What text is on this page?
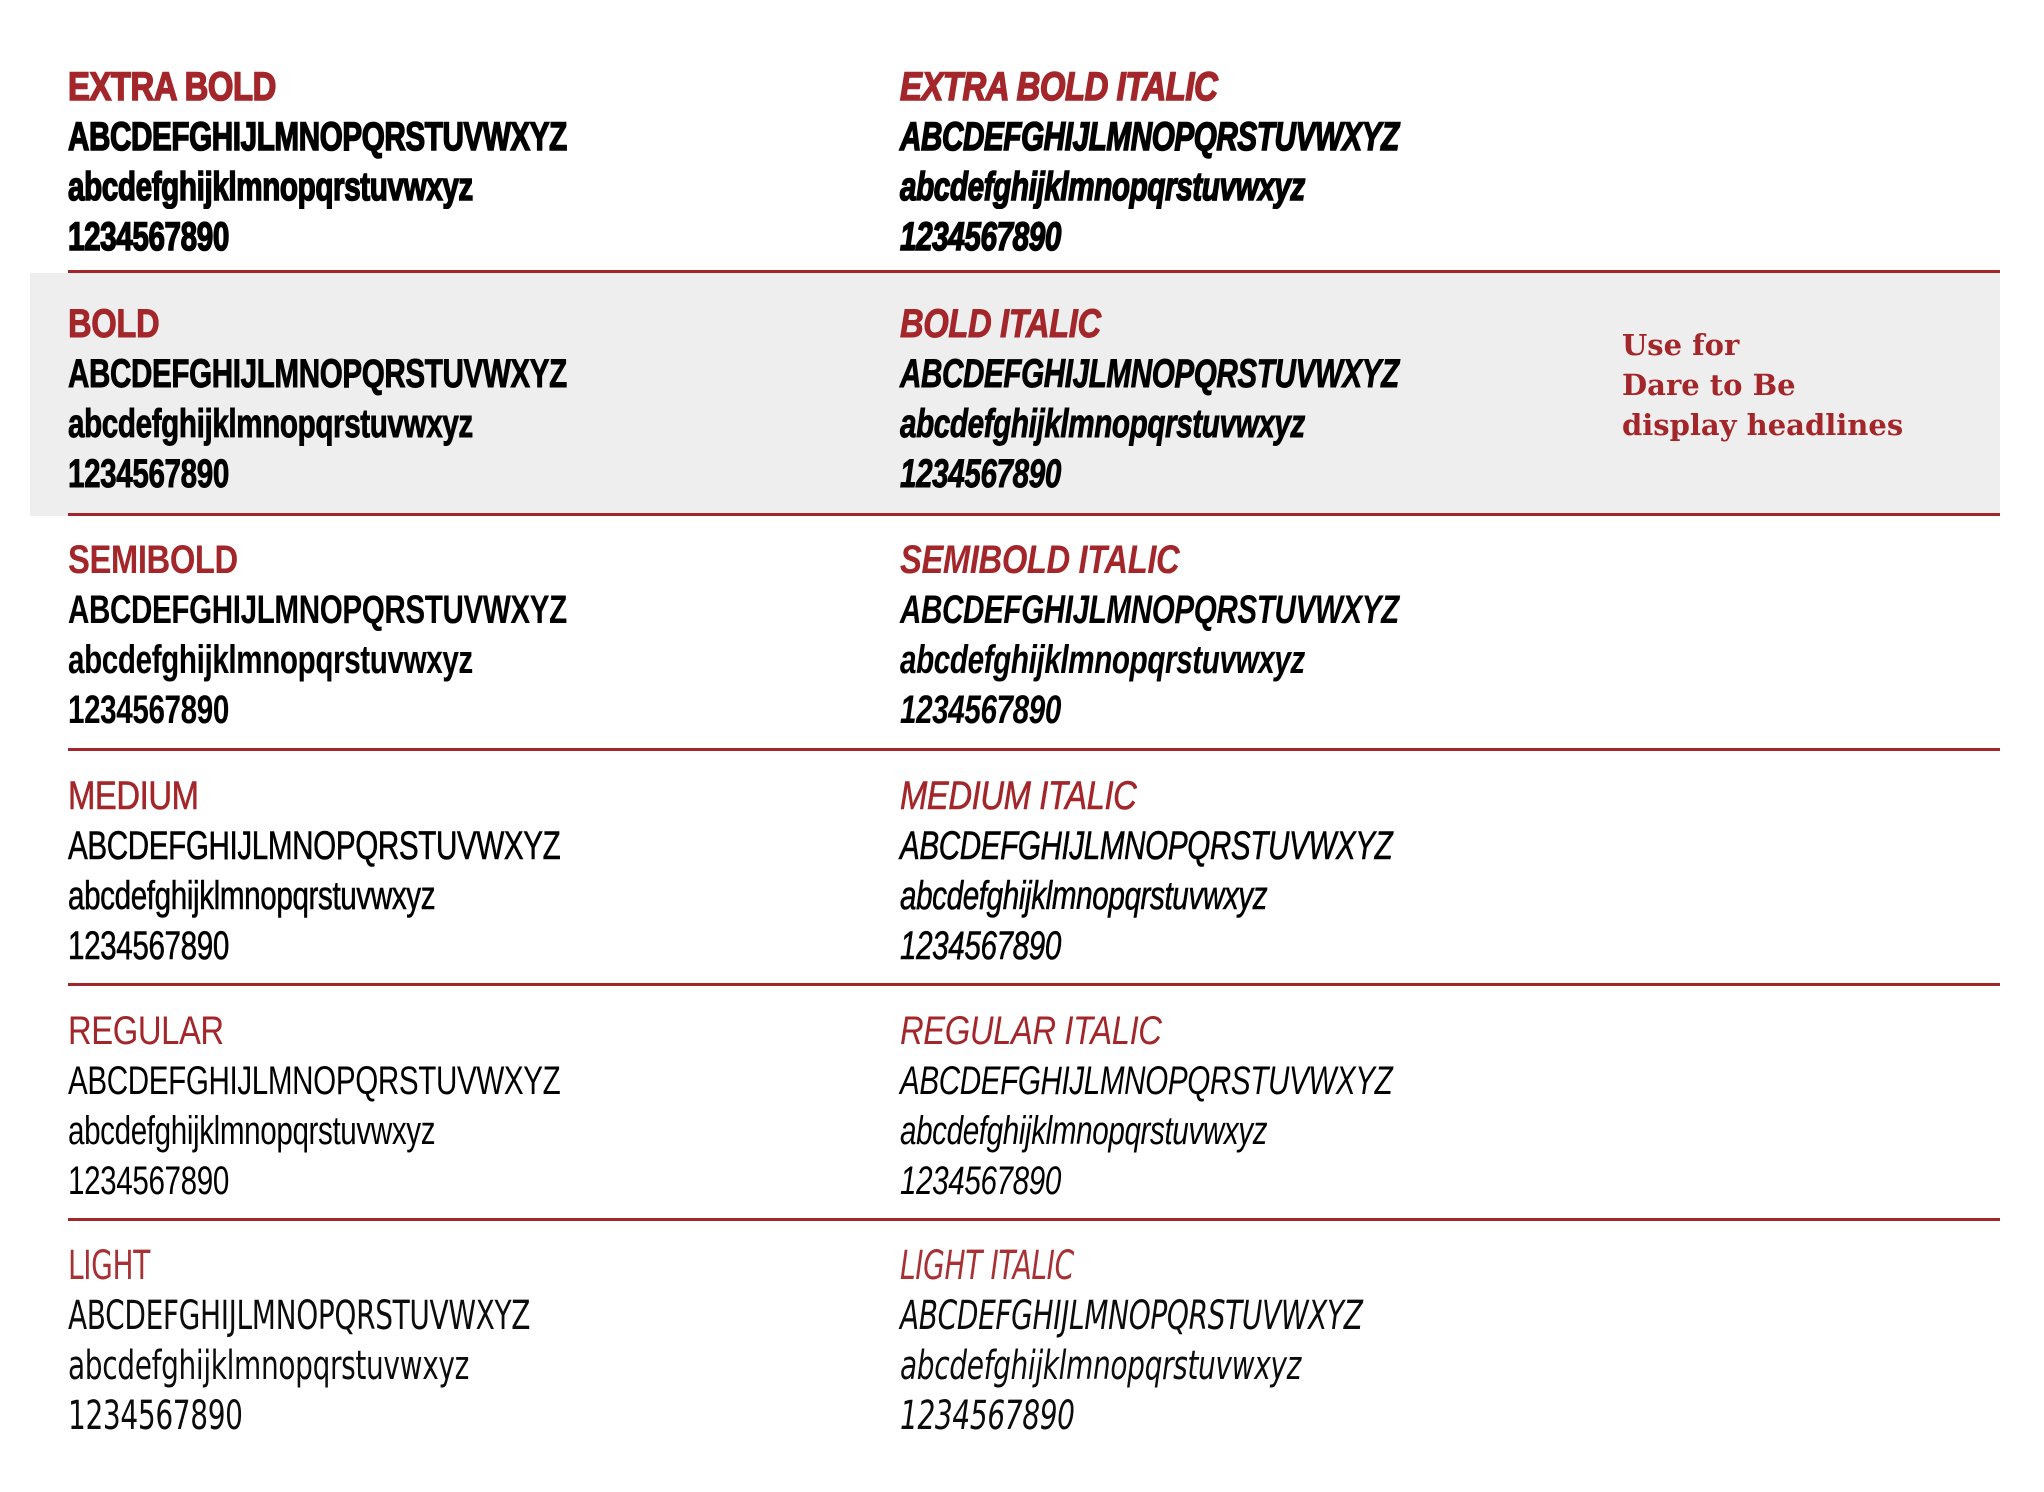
EXTRA BOLD
ABCDEFGHIJLMNOPQRSTUVWXYZ
abcdefghijklmnopqrstuvwxyz
1234567890
EXTRA BOLD ITALIC
ABCDEFGHIJLMNOPQRSTUVWXYZ
abcdefghijklmnopqrstuvwxyz
1234567890
BOLD
ABCDEFGHIJLMNOPQRSTUVWXYZ
abcdefghijklmnopqrstuvwxyz
1234567890
BOLD ITALIC
ABCDEFGHIJLMNOPQRSTUVWXYZ
abcdefghijklmnopqrstuvwxyz
1234567890
Use for
Dare to Be
display headlines
SEMIBOLD
ABCDEFGHIJLMNOPQRSTUVWXYZ
abcdefghijklmnopqrstuvwxyz
1234567890
SEMIBOLD ITALIC
ABCDEFGHIJLMNOPQRSTUVWXYZ
abcdefghijklmnopqrstuvwxyz
1234567890
MEDIUM
ABCDEFGHIJLMNOPQRSTUVWXYZ
abcdefghijklmnopqrstuvwxyz
1234567890
MEDIUM ITALIC
ABCDEFGHIJLMNOPQRSTUVWXYZ
abcdefghijklmnopqrstuvwxyz
1234567890
REGULAR
ABCDEFGHIJLMNOPQRSTUVWXYZ
abcdefghijklmnopqrstuvwxyz
1234567890
REGULAR ITALIC
ABCDEFGHIJLMNOPQRSTUVWXYZ
abcdefghijklmnopqrstuvwxyz
1234567890
LIGHT
ABCDEFGHIJLMNOPQRSTUVWXYZ
abcdefghijklmnopqrstuvwxyz
1234567890
LIGHT ITALIC
ABCDEFGHIJLMNOPQRSTUVWXYZ
abcdefghijklmnopqrstuvwxyz
1234567890
